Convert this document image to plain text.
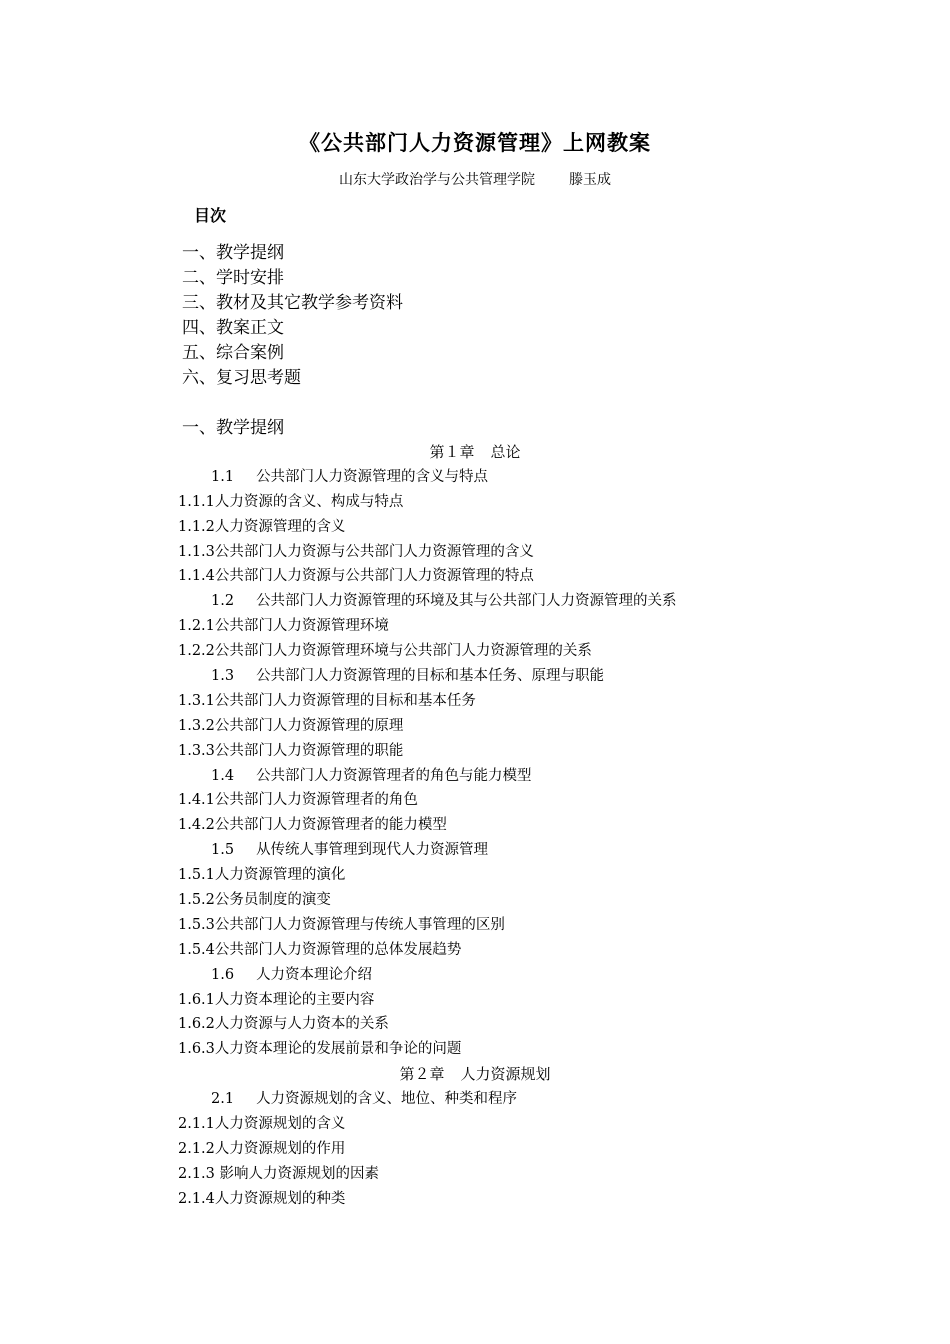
《公共部门人力资源管理》上网教案
山东大学政治学与公共管理学院 滕玉成
目次
一、教学提纲
二、学时安排
三、教材及其它教学参考资料
四、教案正文
五、综合案例
六、复习思考题
一、教学提纲
第１章 总论
1.1 公共部门人力资源管理的含义与特点
1.1.1人力资源的含义、构成与特点
1.1.2人力资源管理的含义
1.1.3公共部门人力资源与公共部门人力资源管理的含义
1.1.4公共部门人力资源与公共部门人力资源管理的特点
1.2 公共部门人力资源管理的环境及其与公共部门人力资源管理的关系
1.2.1公共部门人力资源管理环境
1.2.2公共部门人力资源管理环境与公共部门人力资源管理的关系
1.3 公共部门人力资源管理的目标和基本任务、原理与职能
1.3.1公共部门人力资源管理的目标和基本任务
1.3.2公共部门人力资源管理的原理
1.3.3公共部门人力资源管理的职能
1.4 公共部门人力资源管理者的角色与能力模型
1.4.1公共部门人力资源管理者的角色
1.4.2公共部门人力资源管理者的能力模型
1.5 从传统人事管理到现代人力资源管理
1.5.1人力资源管理的演化
1.5.2公务员制度的演变
1.5.3公共部门人力资源管理与传统人事管理的区别
1.5.4公共部门人力资源管理的总体发展趋势
1.6 人力资本理论介绍
1.6.1人力资本理论的主要内容
1.6.2人力资源与人力资本的关系
1.6.3人力资本理论的发展前景和争论的问题
第２章 人力资源规划
2.1 人力资源规划的含义、地位、种类和程序
2.1.1人力资源规划的含义
2.1.2人力资源规划的作用
2.1.3 影响人力资源规划的因素
2.1.4人力资源规划的种类
